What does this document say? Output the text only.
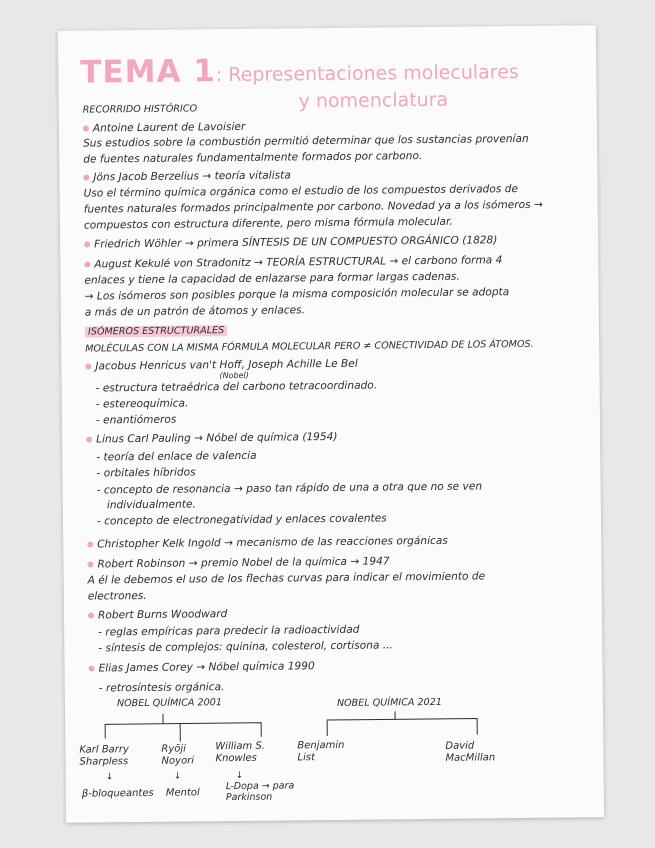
TEMA 1: Representaciones moleculares
y nomenclatura
RECORRIDO HISTÓRICO
Antoine Laurent de Lavoisier
Sus estudios sobre la combustión permitió determinar que los sustancias provenían
de fuentes naturales fundamentalmente formados por carbono.
Jöns Jacob Berzelius → teoría vitalista
Uso el término química orgánica como el estudio de los compuestos derivados de
fuentes naturales formados principalmente por carbono. Novedad ya a los isómeros →
compuestos con estructura diferente, pero misma fórmula molecular.
Friedrich Wöhler → primera SÍNTESIS DE UN COMPUESTO ORGÁNICO (1828)
August Kekulé von Stradonitz → TEORÍA ESTRUCTURAL → el carbono forma 4
enlaces y tiene la capacidad de enlazarse para formar largas cadenas.
→ Los isómeros son posibles porque la misma composición molecular se adopta
a más de un patrón de átomos y enlaces.
ISÓMEROS ESTRUCTURALES
MOLÉCULAS CON LA MISMA FÓRMULA MOLECULAR PERO ≠ CONECTIVIDAD DE LOS ÁTOMOS.
Jacobus Henricus van't Hoff, Joseph Achille Le Bel
(Nobel)
- estructura tetraédrica del carbono tetracoordinado.
- estereoquímica.
- enantiómeros
Linus Carl Pauling → Nóbel de química (1954)
- teoría del enlace de valencia
- orbitales híbridos
- concepto de resonancia → paso tan rápido de una a otra que no se ven
individualmente.
- concepto de electronegatividad y enlaces covalentes
Christopher Kelk Ingold → mecanismo de las reacciones orgánicas
Robert Robinson → premio Nobel de la química → 1947
A él le debemos el uso de los flechas curvas para indicar el movimiento de
electrones.
Robert Burns Woodward
- reglas empíricas para predecir la radioactividad
- síntesis de complejos: quinina, colesterol, cortisona ...
Elias James Corey → Nóbel química 1990
- retrosíntesis orgánica.
NOBEL QUÍMICA 2001	NOBEL QUÍMICA 2021
Karl Barry Sharpless
Ryōji Noyori
William S. Knowles
Benjamin List
David MacMillan
↓	↓	↓
β-bloqueantes Mentol
L-Dopa → para Parkinson
